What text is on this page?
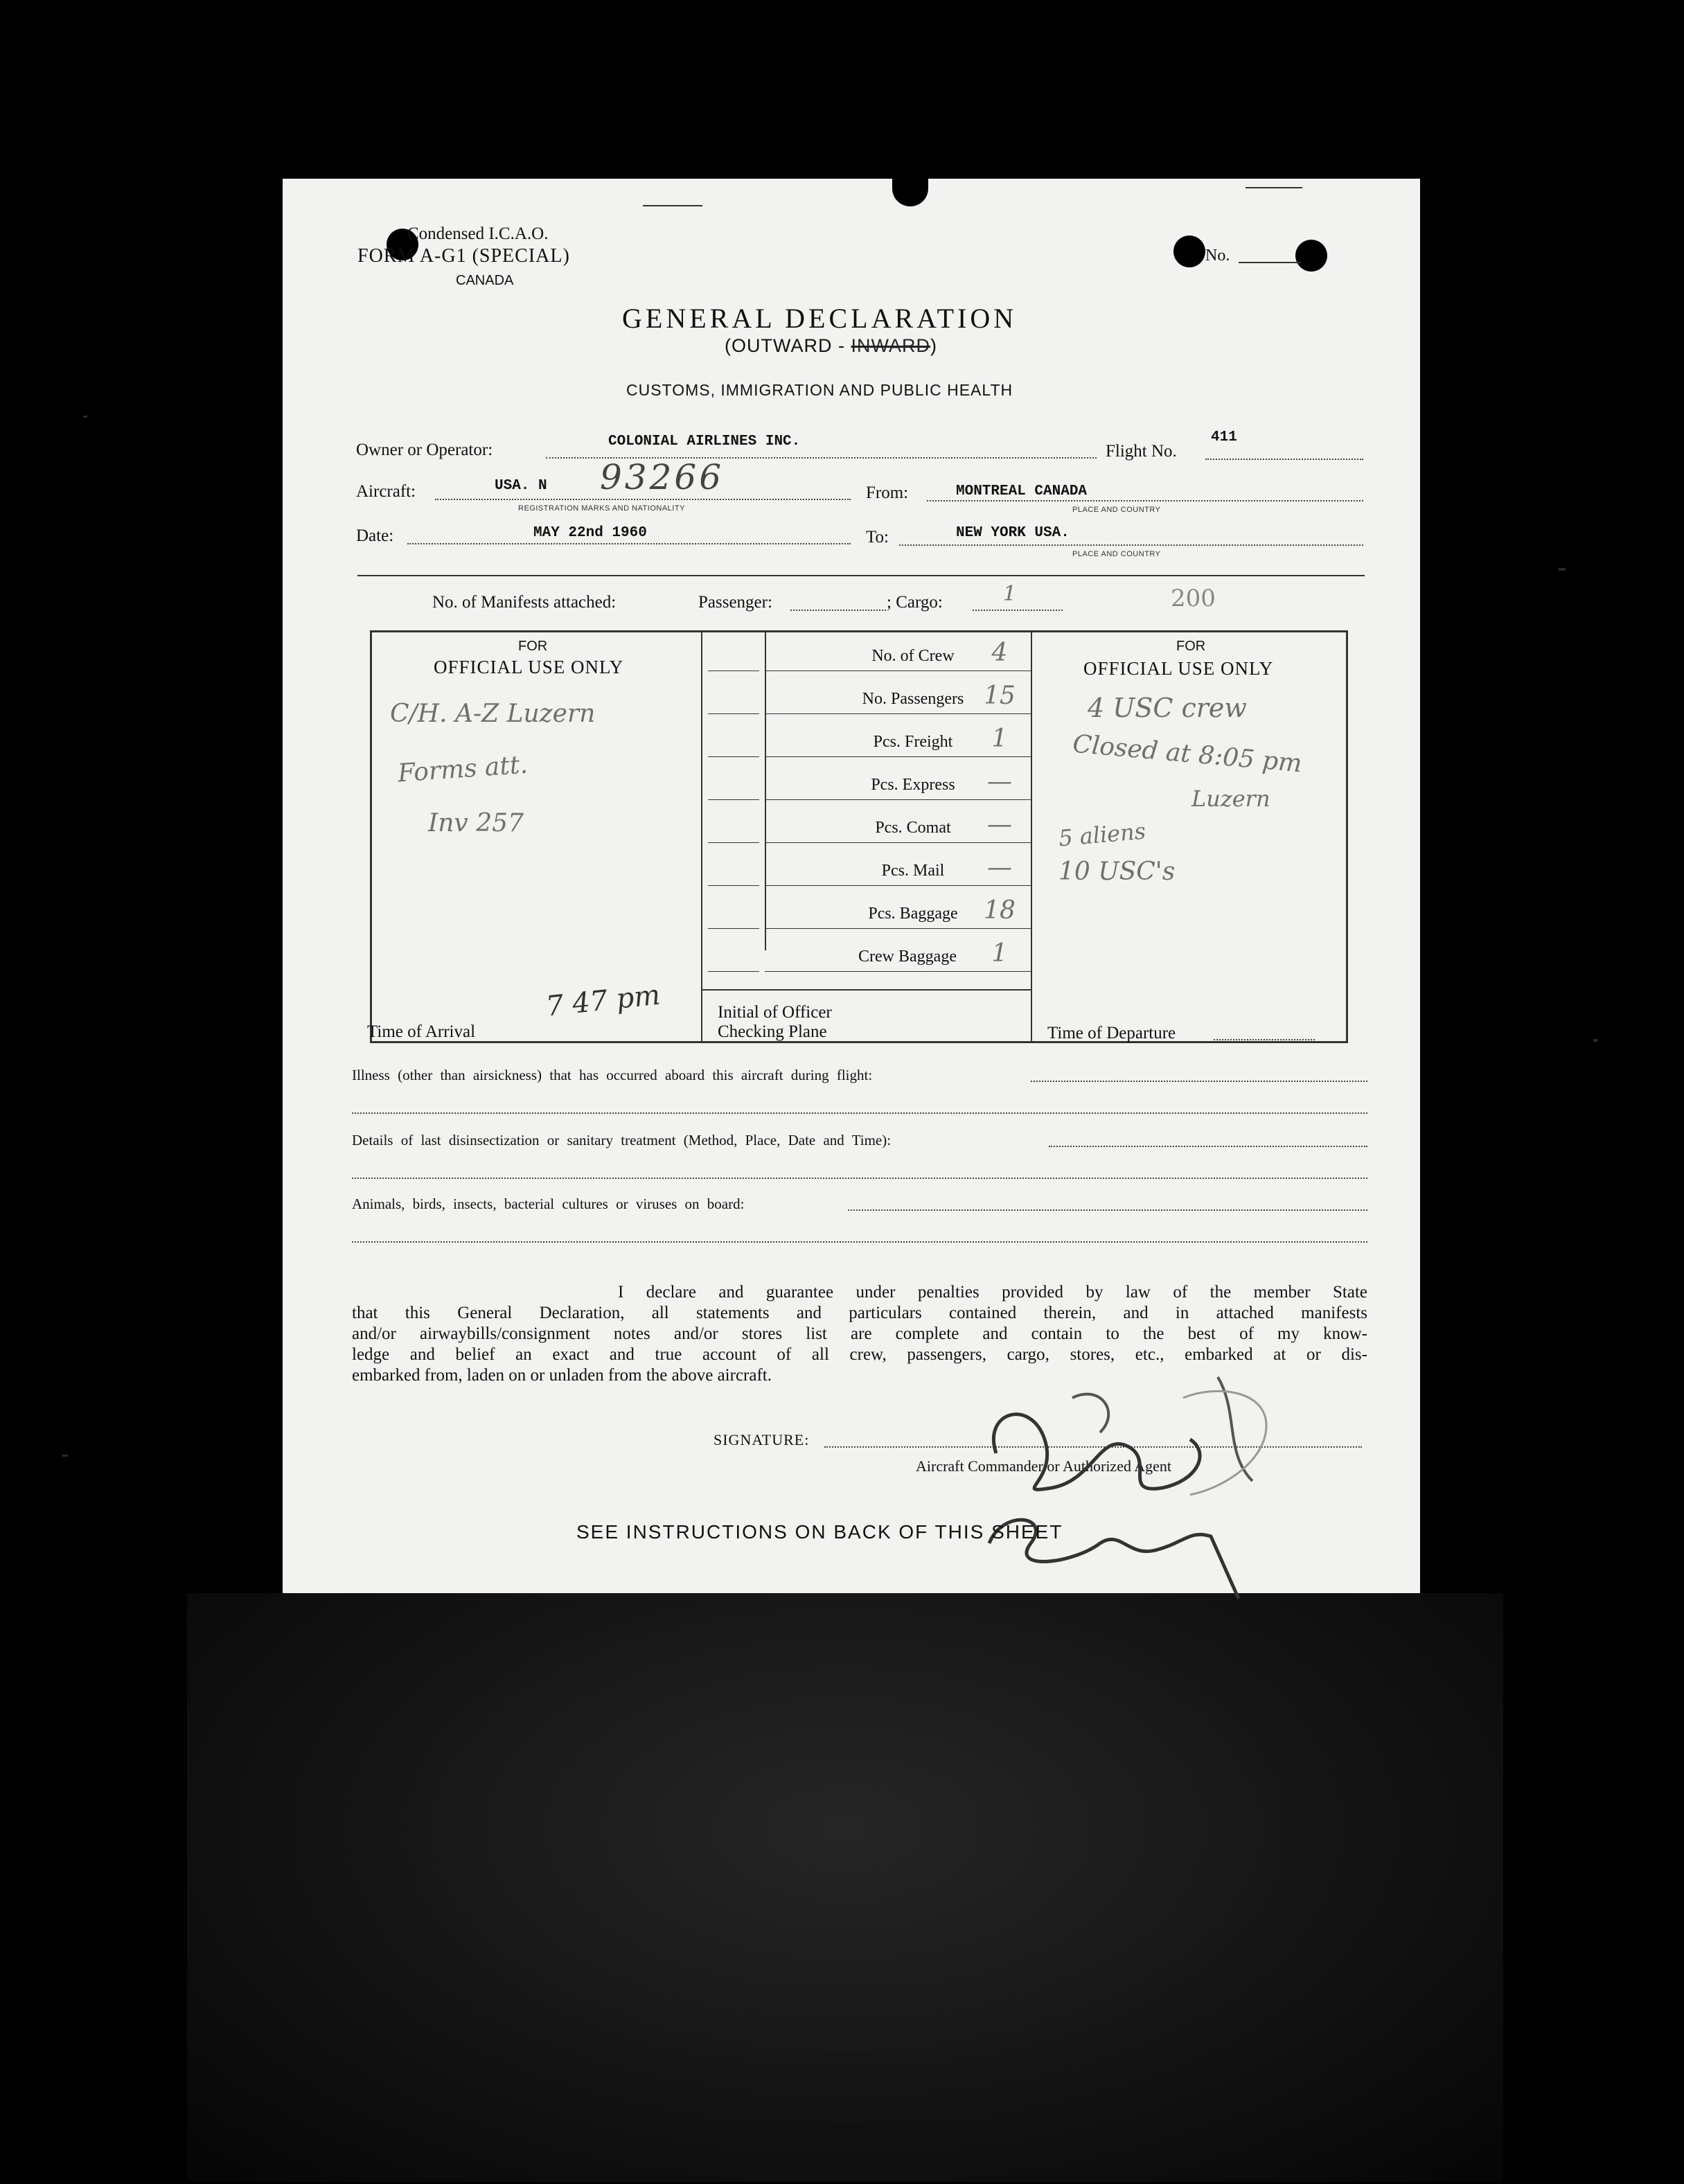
Condensed I.C.A.O.
FORM A-G1 (SPECIAL)
CANADA
No.
GENERAL DECLARATION
(OUTWARD - INWARD)
CUSTOMS, IMMIGRATION AND PUBLIC HEALTH
Owner or Operator:	COLONIAL AIRLINES INC.
Flight No.
411
Aircraft:	USA. N 93266
REGISTRATION MARKS AND NATIONALITY
From:	MONTREAL CANADA
PLACE AND COUNTRY
Date:	MAY 22nd 1960	To:	NEW YORK USA.
PLACE AND COUNTRY
No. of Manifests attached:	Passenger:	; Cargo:	1	200
FOR
OFFICIAL USE ONLY
FOR
OFFICIAL USE ONLY
No. of Crew	4
No. Passengers 15
Pcs. Freight	1
Pcs. Express	—
Pcs. Comat	—
Pcs. Mail	—
Pcs. Baggage	18
Crew Baggage	1
C/H. A-Z Luzern
Forms att.
Inv 257
4 USC crew
Closed at 8:05 pm
Luzern
5 aliens
10 USC's
Time of Arrival
7 47 pm	Initial of Officer
Checking Plane	Time of Departure
Illness (other than airsickness) that has occurred aboard this aircraft during flight:
Details of last disinsectization or sanitary treatment (Method, Place, Date and Time):
Animals, birds, insects, bacterial cultures or viruses on board:
I declare and guarantee under penalties provided by law of the member State
that this General Declaration, all statements and particulars contained therein, and in attached manifests
and/or airwaybills/consignment notes and/or stores list are complete and contain to the best of my know-
ledge and belief an exact and true account of all crew, passengers, cargo, stores, etc., embarked at or dis-
embarked from, laden on or unladen from the above aircraft.
SIGNATURE:
Aircraft Commander or Authorized Agent
SEE INSTRUCTIONS ON BACK OF THIS SHEET
